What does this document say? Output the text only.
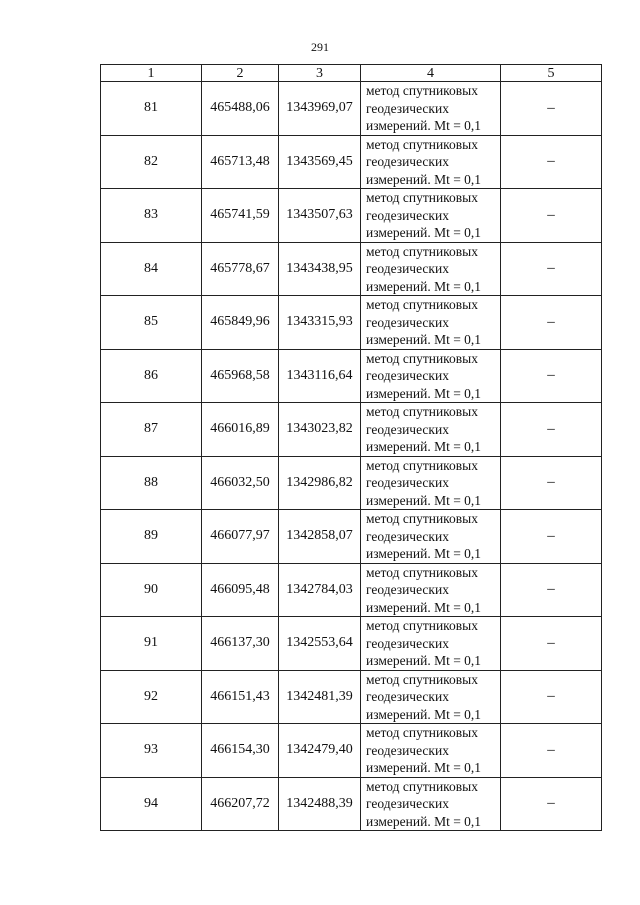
291
1	2	3	4	5
81	465488,06	1343969,07	метод спутниковых
геодезических
измерений. Mt = 0,1	–
82	465713,48	1343569,45	метод спутниковых
геодезических
измерений. Mt = 0,1	–
83	465741,59	1343507,63	метод спутниковых
геодезических
измерений. Mt = 0,1	–
84	465778,67	1343438,95	метод спутниковых
геодезических
измерений. Mt = 0,1	–
85	465849,96	1343315,93	метод спутниковых
геодезических
измерений. Mt = 0,1	–
86	465968,58	1343116,64	метод спутниковых
геодезических
измерений. Mt = 0,1	–
87	466016,89	1343023,82	метод спутниковых
геодезических
измерений. Mt = 0,1	–
88	466032,50	1342986,82	метод спутниковых
геодезических
измерений. Mt = 0,1	–
89	466077,97	1342858,07	метод спутниковых
геодезических
измерений. Mt = 0,1	–
90	466095,48	1342784,03	метод спутниковых
геодезических
измерений. Mt = 0,1	–
91	466137,30	1342553,64	метод спутниковых
геодезических
измерений. Mt = 0,1	–
92	466151,43	1342481,39	метод спутниковых
геодезических
измерений. Mt = 0,1	–
93	466154,30	1342479,40	метод спутниковых
геодезических
измерений. Mt = 0,1	–
94	466207,72	1342488,39	метод спутниковых
геодезических
измерений. Mt = 0,1	–
